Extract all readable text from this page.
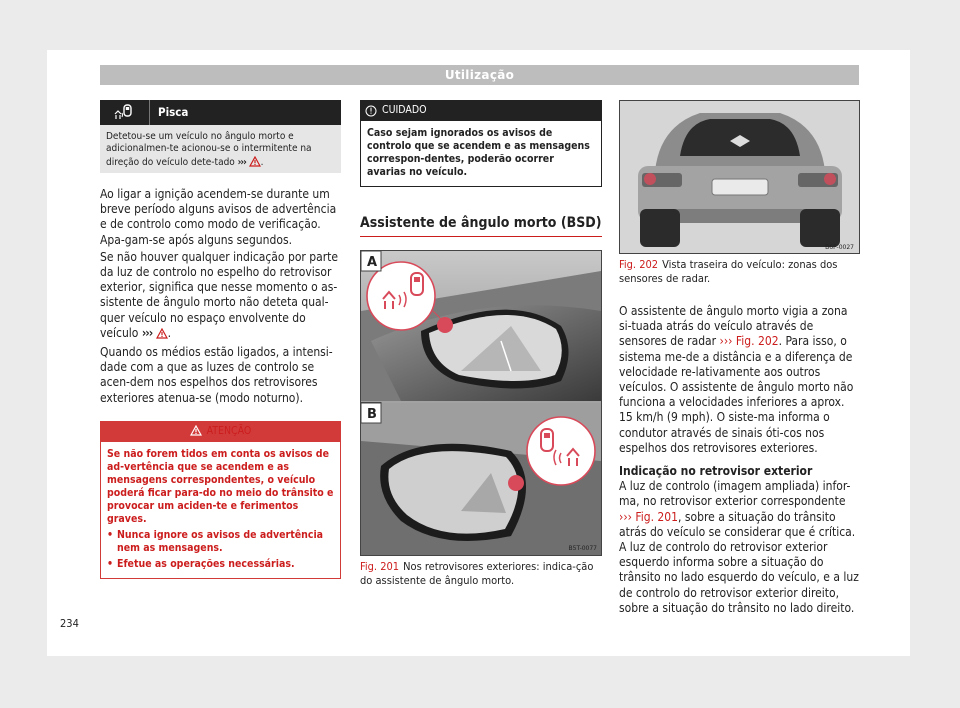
Utilização
Pisca
Detetou-se um veículo no ângulo morto e adicionalmen-te acionou-se o intermitente na direção do veículo dete-tado ››› .

Ao ligar a ignição acendem-se durante um breve período alguns avisos de advertência e de controlo como modo de verificação. Apa-gam-se após alguns segundos.

Se não houver qualquer indicação por parte da luz de controlo no espelho do retrovisor exterior, significa que nesse momento o as-sistente de ângulo morto não deteta qual-quer veículo no espaço envolvente do veículo ››› .

Quando os médios estão ligados, a intensi-dade com a que as luzes de controlo se acen-dem nos espelhos dos retrovisores exteriores atenua-se (modo noturno).

ATENÇÃO
Se não forem tidos em conta os avisos de ad-vertência que se acendem e as mensagens correspondentes, o veículo poderá ficar para-do no meio do trânsito e provocar um aciden-te e ferimentos graves.
• Nunca ignore os avisos de advertência nem as mensagens.
• Efetue as operações necessárias.
CUIDADO
Caso sejam ignorados os avisos de controlo que se acendem e as mensagens correspon-dentes, poderão ocorrer avarias no veículo.
Assistente de ângulo morto (BSD)
A
B
B5T-0077
Fig. 201 Nos retrovisores exteriores: indica-ção do assistente de ângulo morto.
B6F-0027
Fig. 202 Vista traseira do veículo: zonas dos sensores de radar.

O assistente de ângulo morto vigia a zona si-tuada atrás do veículo através de sensores de radar ››› Fig. 202. Para isso, o sistema me-de a distância e a diferença de velocidade re-lativamente aos outros veículos. O assistente de ângulo morto não funciona a velocidades inferiores a aprox. 15 km/h (9 mph). O siste-ma informa o condutor através de sinais óti-cos nos espelhos dos retrovisores exteriores.

Indicação no retrovisor exterior

A luz de controlo (imagem ampliada) infor-ma, no retrovisor exterior correspondente ››› Fig. 201, sobre a situação do trânsito atrás do veículo se considerar que é crítica. A luz de controlo do retrovisor exterior esquerdo informa sobre a situação do trânsito no lado esquerdo do veículo, e a luz de controlo do retrovisor exterior direito, sobre a situação do trânsito no lado direito.

234
